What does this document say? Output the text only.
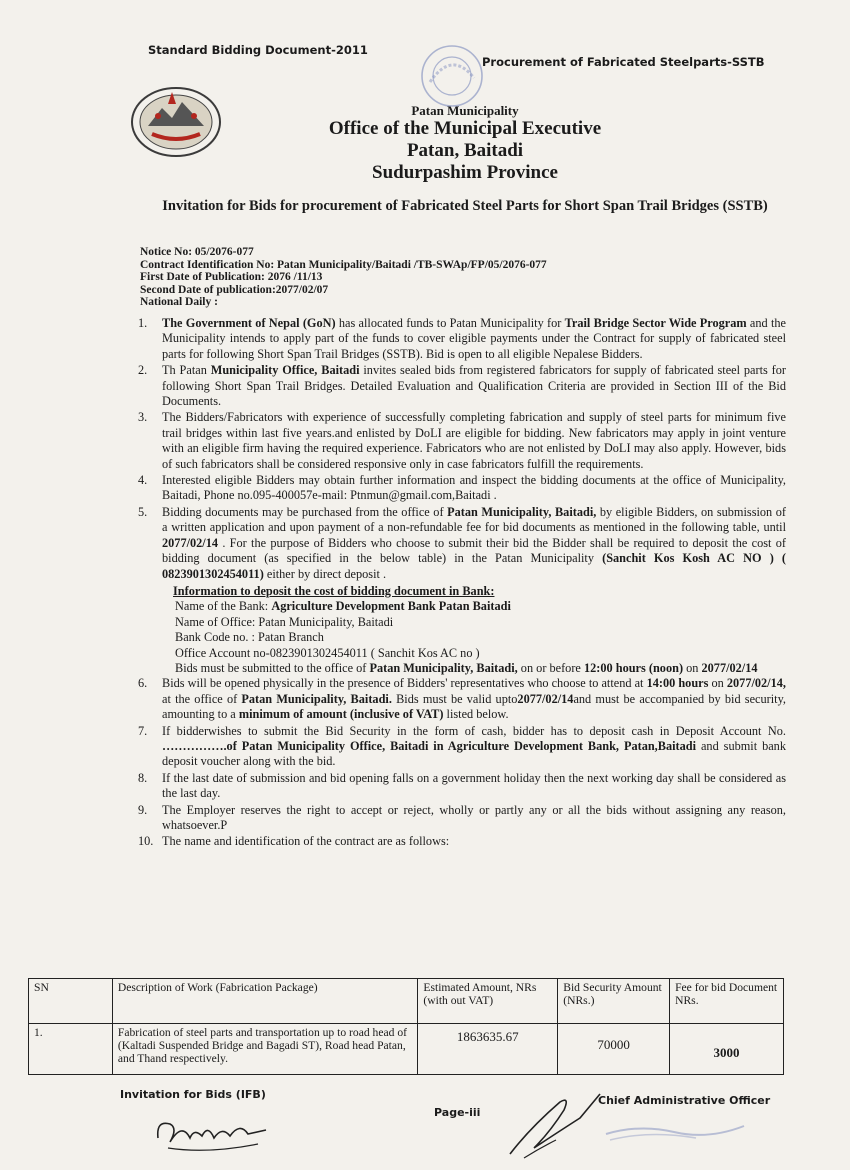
Standard Bidding Document-2011
Procurement of Fabricated Steelparts-SSTB
Patan Municipality
Office of the Municipal Executive
Patan, Baitadi
Sudurpashim Province
Invitation for Bids for procurement of Fabricated Steel Parts for Short Span Trail Bridges (SSTB)
Notice No: 05/2076-077
Contract Identification No: Patan Municipality/Baitadi /TB-SWAp/FP/05/2076-077
First Date of Publication: 2076 /11/13
Second Date of publication:2077/02/07
National Daily :
1. The Government of Nepal (GoN) has allocated funds to Patan Municipality for Trail Bridge Sector Wide Program and the Municipality intends to apply part of the funds to cover eligible payments under the Contract for supply of fabricated steel parts for following Short Span Trail Bridges (SSTB). Bid is open to all eligible Nepalese Bidders.
2. Th Patan Municipality Office, Baitadi invites sealed bids from registered fabricators for supply of fabricated steel parts for following Short Span Trail Bridges. Detailed Evaluation and Qualification Criteria are provided in Section III of the Bid Documents.
3. The Bidders/Fabricators with experience of successfully completing fabrication and supply of steel parts for minimum five trail bridges within last five years.and enlisted by DoLI are eligible for bidding. New fabricators may apply in joint venture with an eligible firm having the required experience. Fabricators who are not enlisted by DoLI may also apply. However, bids of such fabricators shall be considered responsive only in case fabricators fulfill the requirements.
4. Interested eligible Bidders may obtain further information and inspect the bidding documents at the office of Municipality, Baitadi, Phone no.095-400057e-mail: Ptnmun@gmail.com,Baitadi .
5. Bidding documents may be purchased from the office of Patan Municipality, Baitadi, by eligible Bidders, on submission of a written application and upon payment of a non-refundable fee for bid documents as mentioned in the following table, until 2077/02/14 . For the purpose of Bidders who choose to submit their bid the Bidder shall be required to deposit the cost of bidding document (as specified in the below table) in the Patan Municipality (Sanchit Kos Kosh AC NO ) ( 0823901302454011) either by direct deposit .
Information to deposit the cost of bidding document in Bank:
Name of the Bank: Agriculture Development Bank Patan Baitadi
Name of Office: Patan Municipality, Baitadi
Bank Code no. : Patan Branch
Office Account no-0823901302454011 ( Sanchit Kos AC no )
Bids must be submitted to the office of Patan Municipality, Baitadi, on or before 12:00 hours (noon) on 2077/02/14
6. Bids will be opened physically in the presence of Bidders' representatives who choose to attend at 14:00 hours on 2077/02/14, at the office of Patan Municipality, Baitadi. Bids must be valid upto2077/02/14and must be accompanied by bid security, amounting to a minimum of amount (inclusive of VAT) listed below.
7. If bidderwishes to submit the Bid Security in the form of cash, bidder has to deposit cash in Deposit Account No. …………….of Patan Municipality Office, Baitadi in Agriculture Development Bank, Patan,Baitadi and submit bank deposit voucher along with the bid.
8. If the last date of submission and bid opening falls on a government holiday then the next working day shall be considered as the last day.
9. The Employer reserves the right to accept or reject, wholly or partly any or all the bids without assigning any reason, whatsoever.P
10. The name and identification of the contract are as follows:
SN	Description of Work (Fabrication Package)	Estimated Amount, NRs (with out VAT)	Bid Security Amount (NRs.)	Fee for bid Document NRs.
1.	Fabrication of steel parts and transportation up to road head of (Kaltadi Suspended Bridge and Bagadi ST), Road head Patan, and Thand respectively.	1863635.67	70000	3000
Invitation for Bids (IFB)
Page-iii
Chief Administrative Officer
